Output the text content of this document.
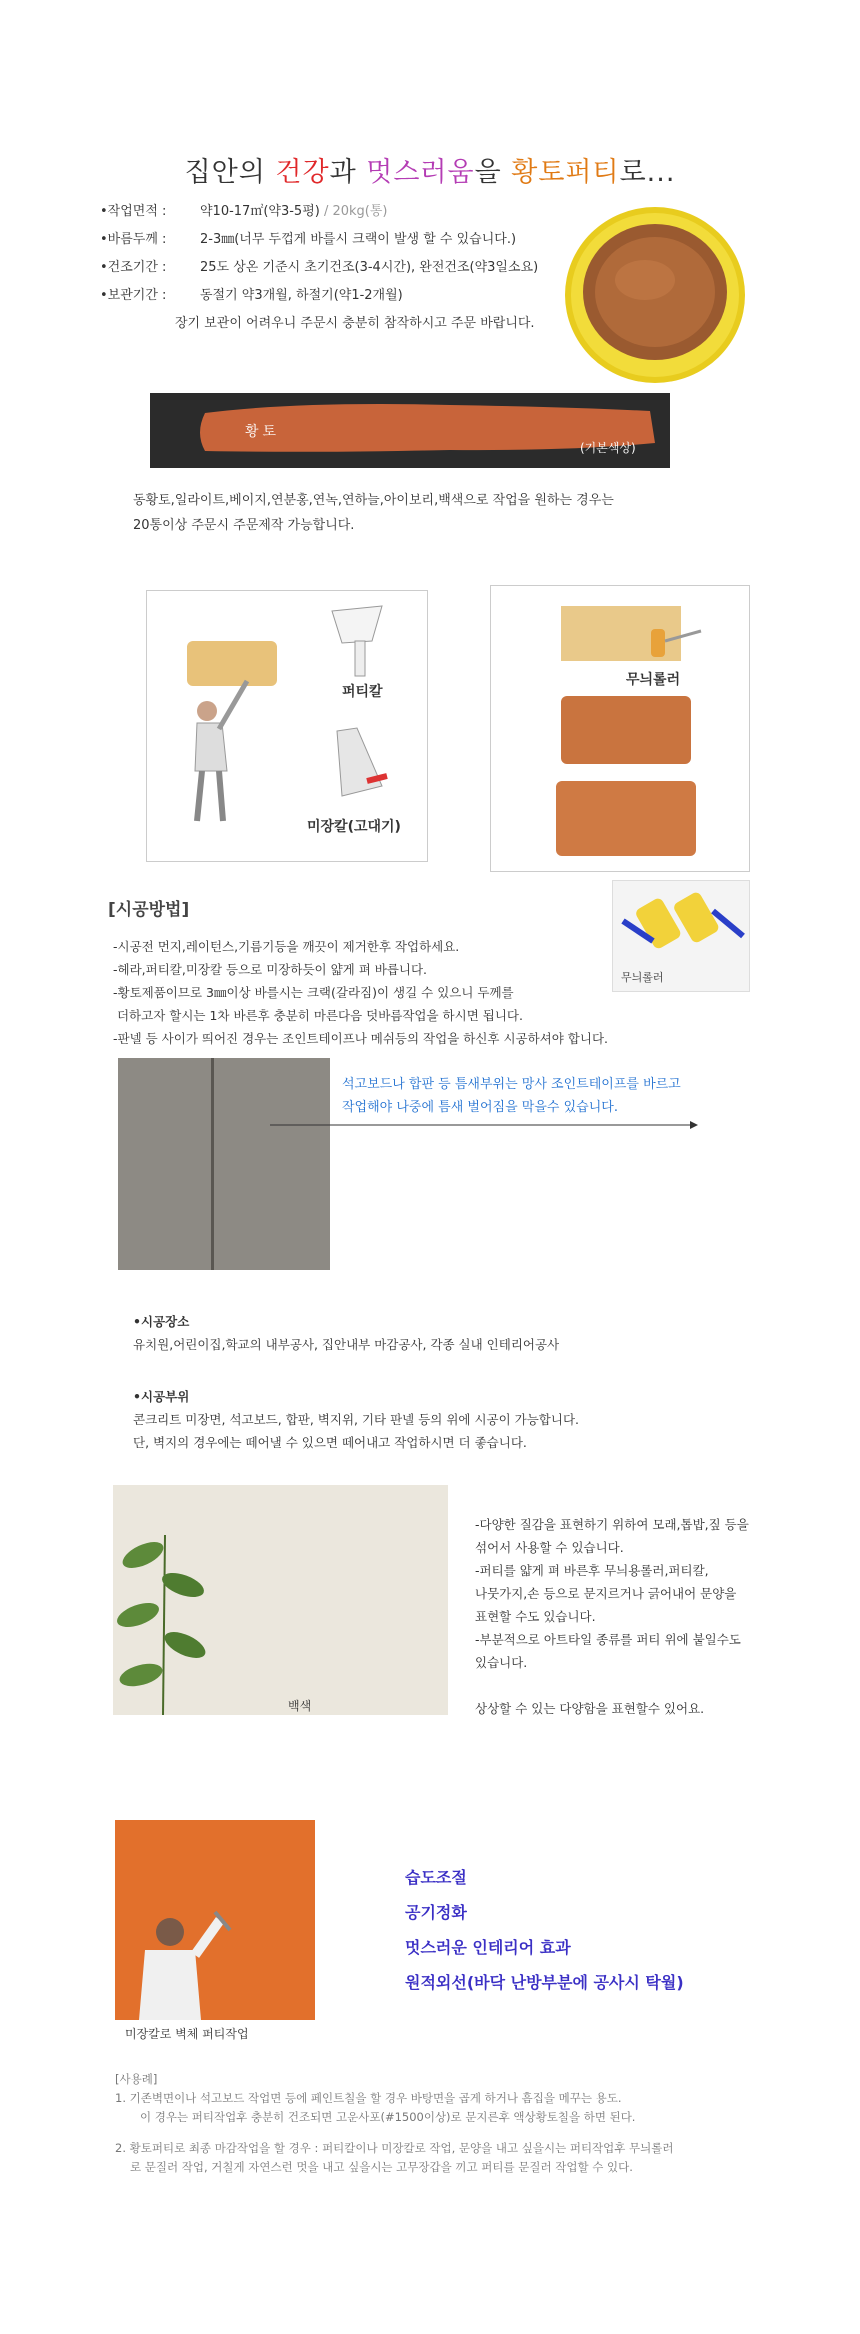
집안의 건강과 멋스러움을 황토퍼티로...
•작업면적 :	약10-17㎡(약3-5평) / 20kg(통)
•바름두께 :	2-3㎜(너무 두껍게 바를시 크랙이 발생 할 수 있습니다.)
•건조기간 :	25도 상온 기준시 초기건조(3-4시간), 완전건조(약3일소요)
•보관기간 :	동절기 약3개월, 하절기(약1-2개월)
장기 보관이 어려우니 주문시 충분히 참작하시고 주문 바랍니다.
황토
(기본색상)
동황토,일라이트,베이지,연분홍,연녹,연하늘,아이보리,백색으로 작업을 원하는 경우는
20통이상 주문시 주문제작 가능합니다.
퍼티칼
미장칼(고대기)
무늬롤러
[시공방법]
무늬롤러
-시공전 먼지,레이턴스,기름기등을 깨끗이 제거한후 작업하세요.
-헤라,퍼티칼,미장칼 등으로 미장하듯이 얇게 펴 바릅니다.
-황토제품이므로 3㎜이상 바를시는 크랙(갈라짐)이 생길 수 있으니 두께를
더하고자 할시는 1차 바른후 충분히 마른다음 덧바름작업을 하시면 됩니다.
-판넬 등 사이가 띄어진 경우는 조인트테이프나 메쉬등의 작업을 하신후 시공하셔야 합니다.
석고보드나 합판 등 틈새부위는 망사 조인트테이프를 바르고
작업해야 나중에 틈새 벌어짐을 막을수 있습니다.
•시공장소
유치원,어린이집,학교의 내부공사, 집안내부 마감공사, 각종 실내 인테리어공사
•시공부위
콘크리트 미장면, 석고보드, 합판, 벽지위, 기타 판넬 등의 위에 시공이 가능합니다.
단, 벽지의 경우에는 떼어낼 수 있으면 떼어내고 작업하시면 더 좋습니다.
백색
-다양한 질감을 표현하기 위하여 모래,톱밥,짚 등을
섞어서 사용할 수 있습니다.
-퍼티를 얇게 펴 바른후 무늬용롤러,퍼티칼,
나뭇가지,손 등으로 문지르거나 긁어내어 문양을
표현할 수도 있습니다.
-부분적으로 아트타일 종류를 퍼티 위에 붙일수도
있습니다.
상상할 수 있는 다양함을 표현할수 있어요.
미장칼로 벽체 퍼티작업
습도조절
공기정화
멋스러운 인테리어 효과
원적외선(바닥 난방부분에 공사시 탁월)
[사용례]
1. 기존벽면이나 석고보드 작업면 등에 페인트칠을 할 경우 바탕면을 곱게 하거나 흠집을 메꾸는 용도.
이 경우는 퍼티작업후 충분히 건조되면 고운사포(#1500이상)로 문지른후 액상황토칠을 하면 된다.
2. 황토퍼티로 최종 마감작업을 할 경우 : 퍼티칼이나 미장칼로 작업, 문양을 내고 싶을시는 퍼티작업후 무늬롤러
로 문질러 작업, 거칠게 자연스런 멋을 내고 싶을시는 고무장갑을 끼고 퍼티를 문질러 작업할 수 있다.
